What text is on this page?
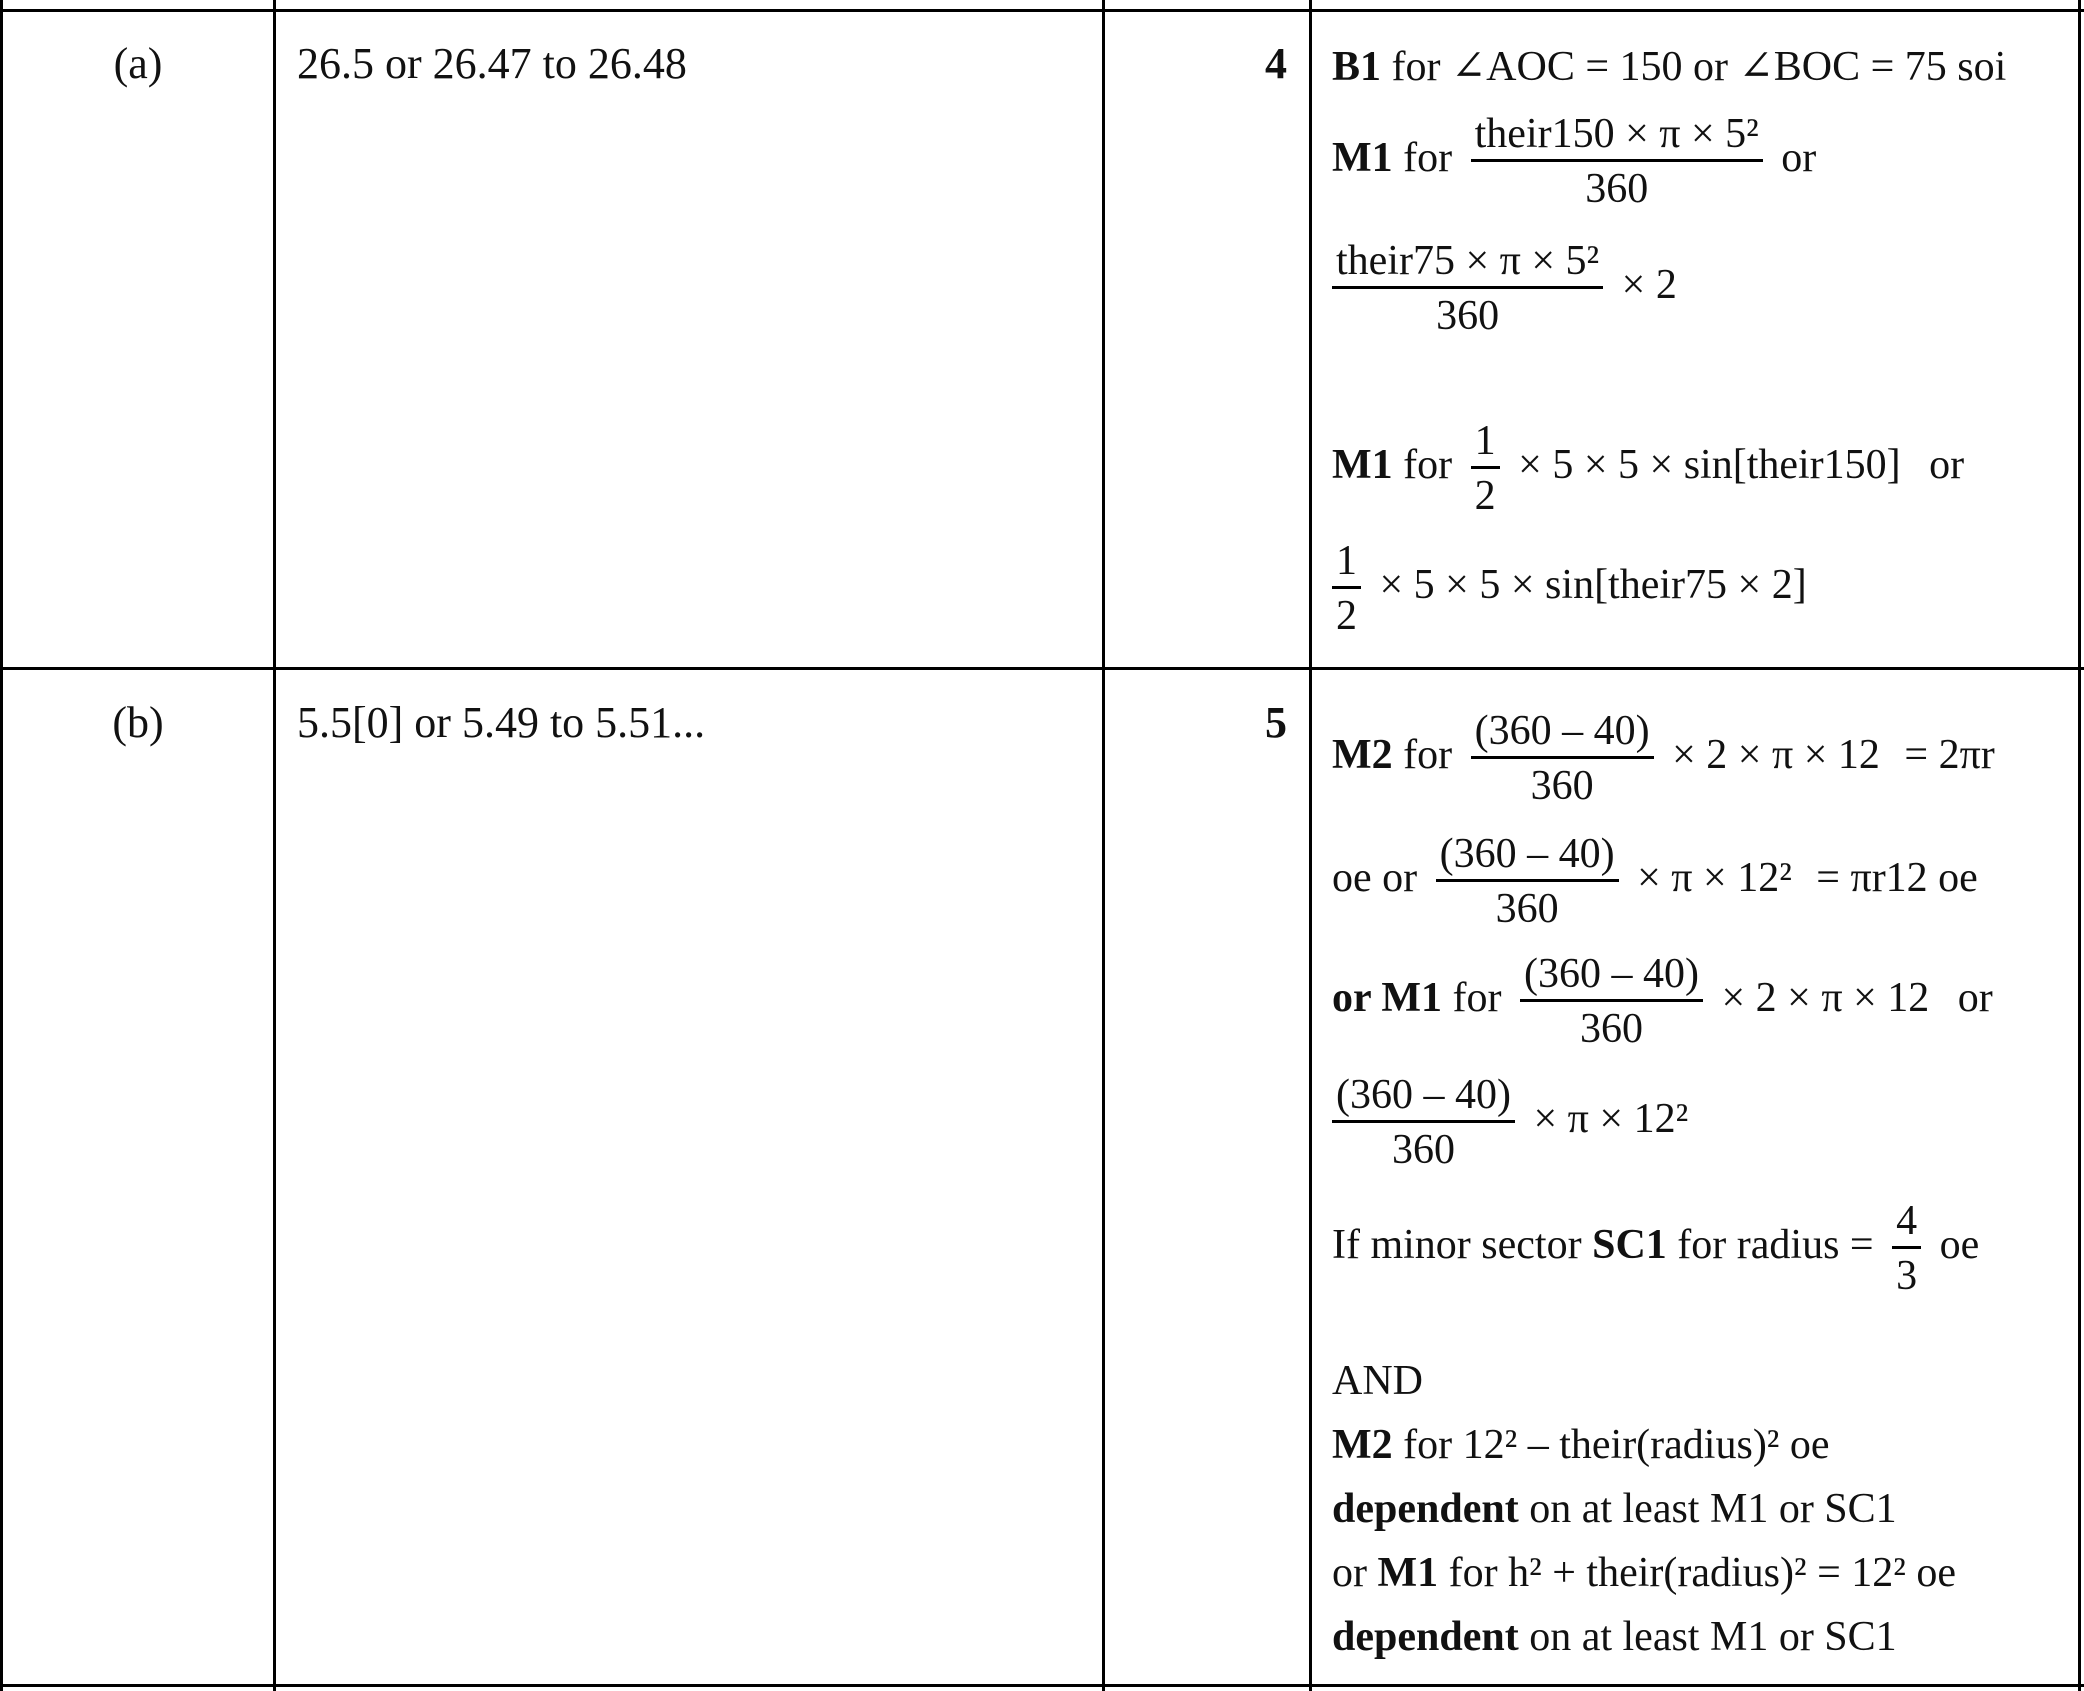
(a)	26.5 or 26.47 to 26.48	4 B1 for ∠AOC = 150 or ∠BOC = 75 soi
M1 for $\frac{\text{their150 × π × 5²}}{360}$ or
$\frac{\text{their75 × π × 5²}}{360} \times 2$
M1 for $\frac{1}{2} \times 5 \times 5$ × sin[their150] or
$\frac{1}{2} \times 5 \times 5$ × sin[their75 × 2]
(b)	5.5[0] or 5.49 to 5.51...	5
M2 for $\frac{(360 - 40)}{360} \times 2 \times \pi \times 12 = 2\pi r$
oe or $\frac{(360 - 40)}{360} \times \pi \times 12^2 = \pi r12$ oe
or M1 for $\frac{(360 - 40)}{360} \times 2 \times \pi \times 12$ or
$\frac{(360 - 40)}{360} \times \pi \times 12^2$
If minor sector SC1 for radius = $\frac{4}{3}$ oe
AND
M2 for 12² – their(radius)² oe
dependent on at least M1 or SC1
or M1 for h² + their(radius)² = 12² oe
dependent on at least M1 or SC1
